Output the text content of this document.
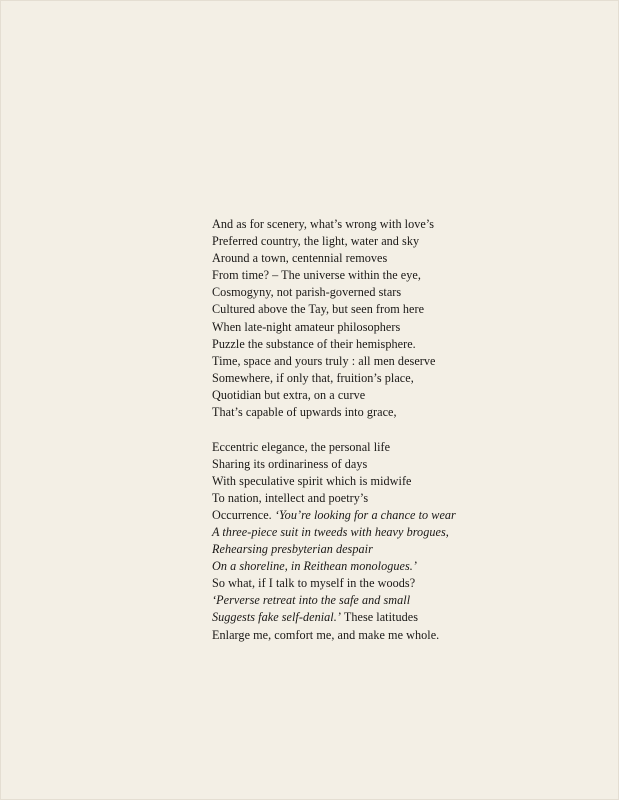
And as for scenery, what’s wrong with love’s
Preferred country, the light, water and sky
Around a town, centennial removes
From time? – The universe within the eye,
Cosmogyny, not parish-governed stars
Cultured above the Tay, but seen from here
When late-night amateur philosophers
Puzzle the substance of their hemisphere.
Time, space and yours truly : all men deserve
Somewhere, if only that, fruition’s place,
Quotidian but extra, on a curve
That’s capable of upwards into grace,
Eccentric elegance, the personal life
Sharing its ordinariness of days
With speculative spirit which is midwife
To nation, intellect and poetry’s
Occurrence. ‘You’re looking for a chance to wear
A three-piece suit in tweeds with heavy brogues,
Rehearsing presbyterian despair
On a shoreline, in Reithean monologues.’
So what, if I talk to myself in the woods?
‘Perverse retreat into the safe and small
Suggests fake self-denial.’ These latitudes
Enlarge me, comfort me, and make me whole.
